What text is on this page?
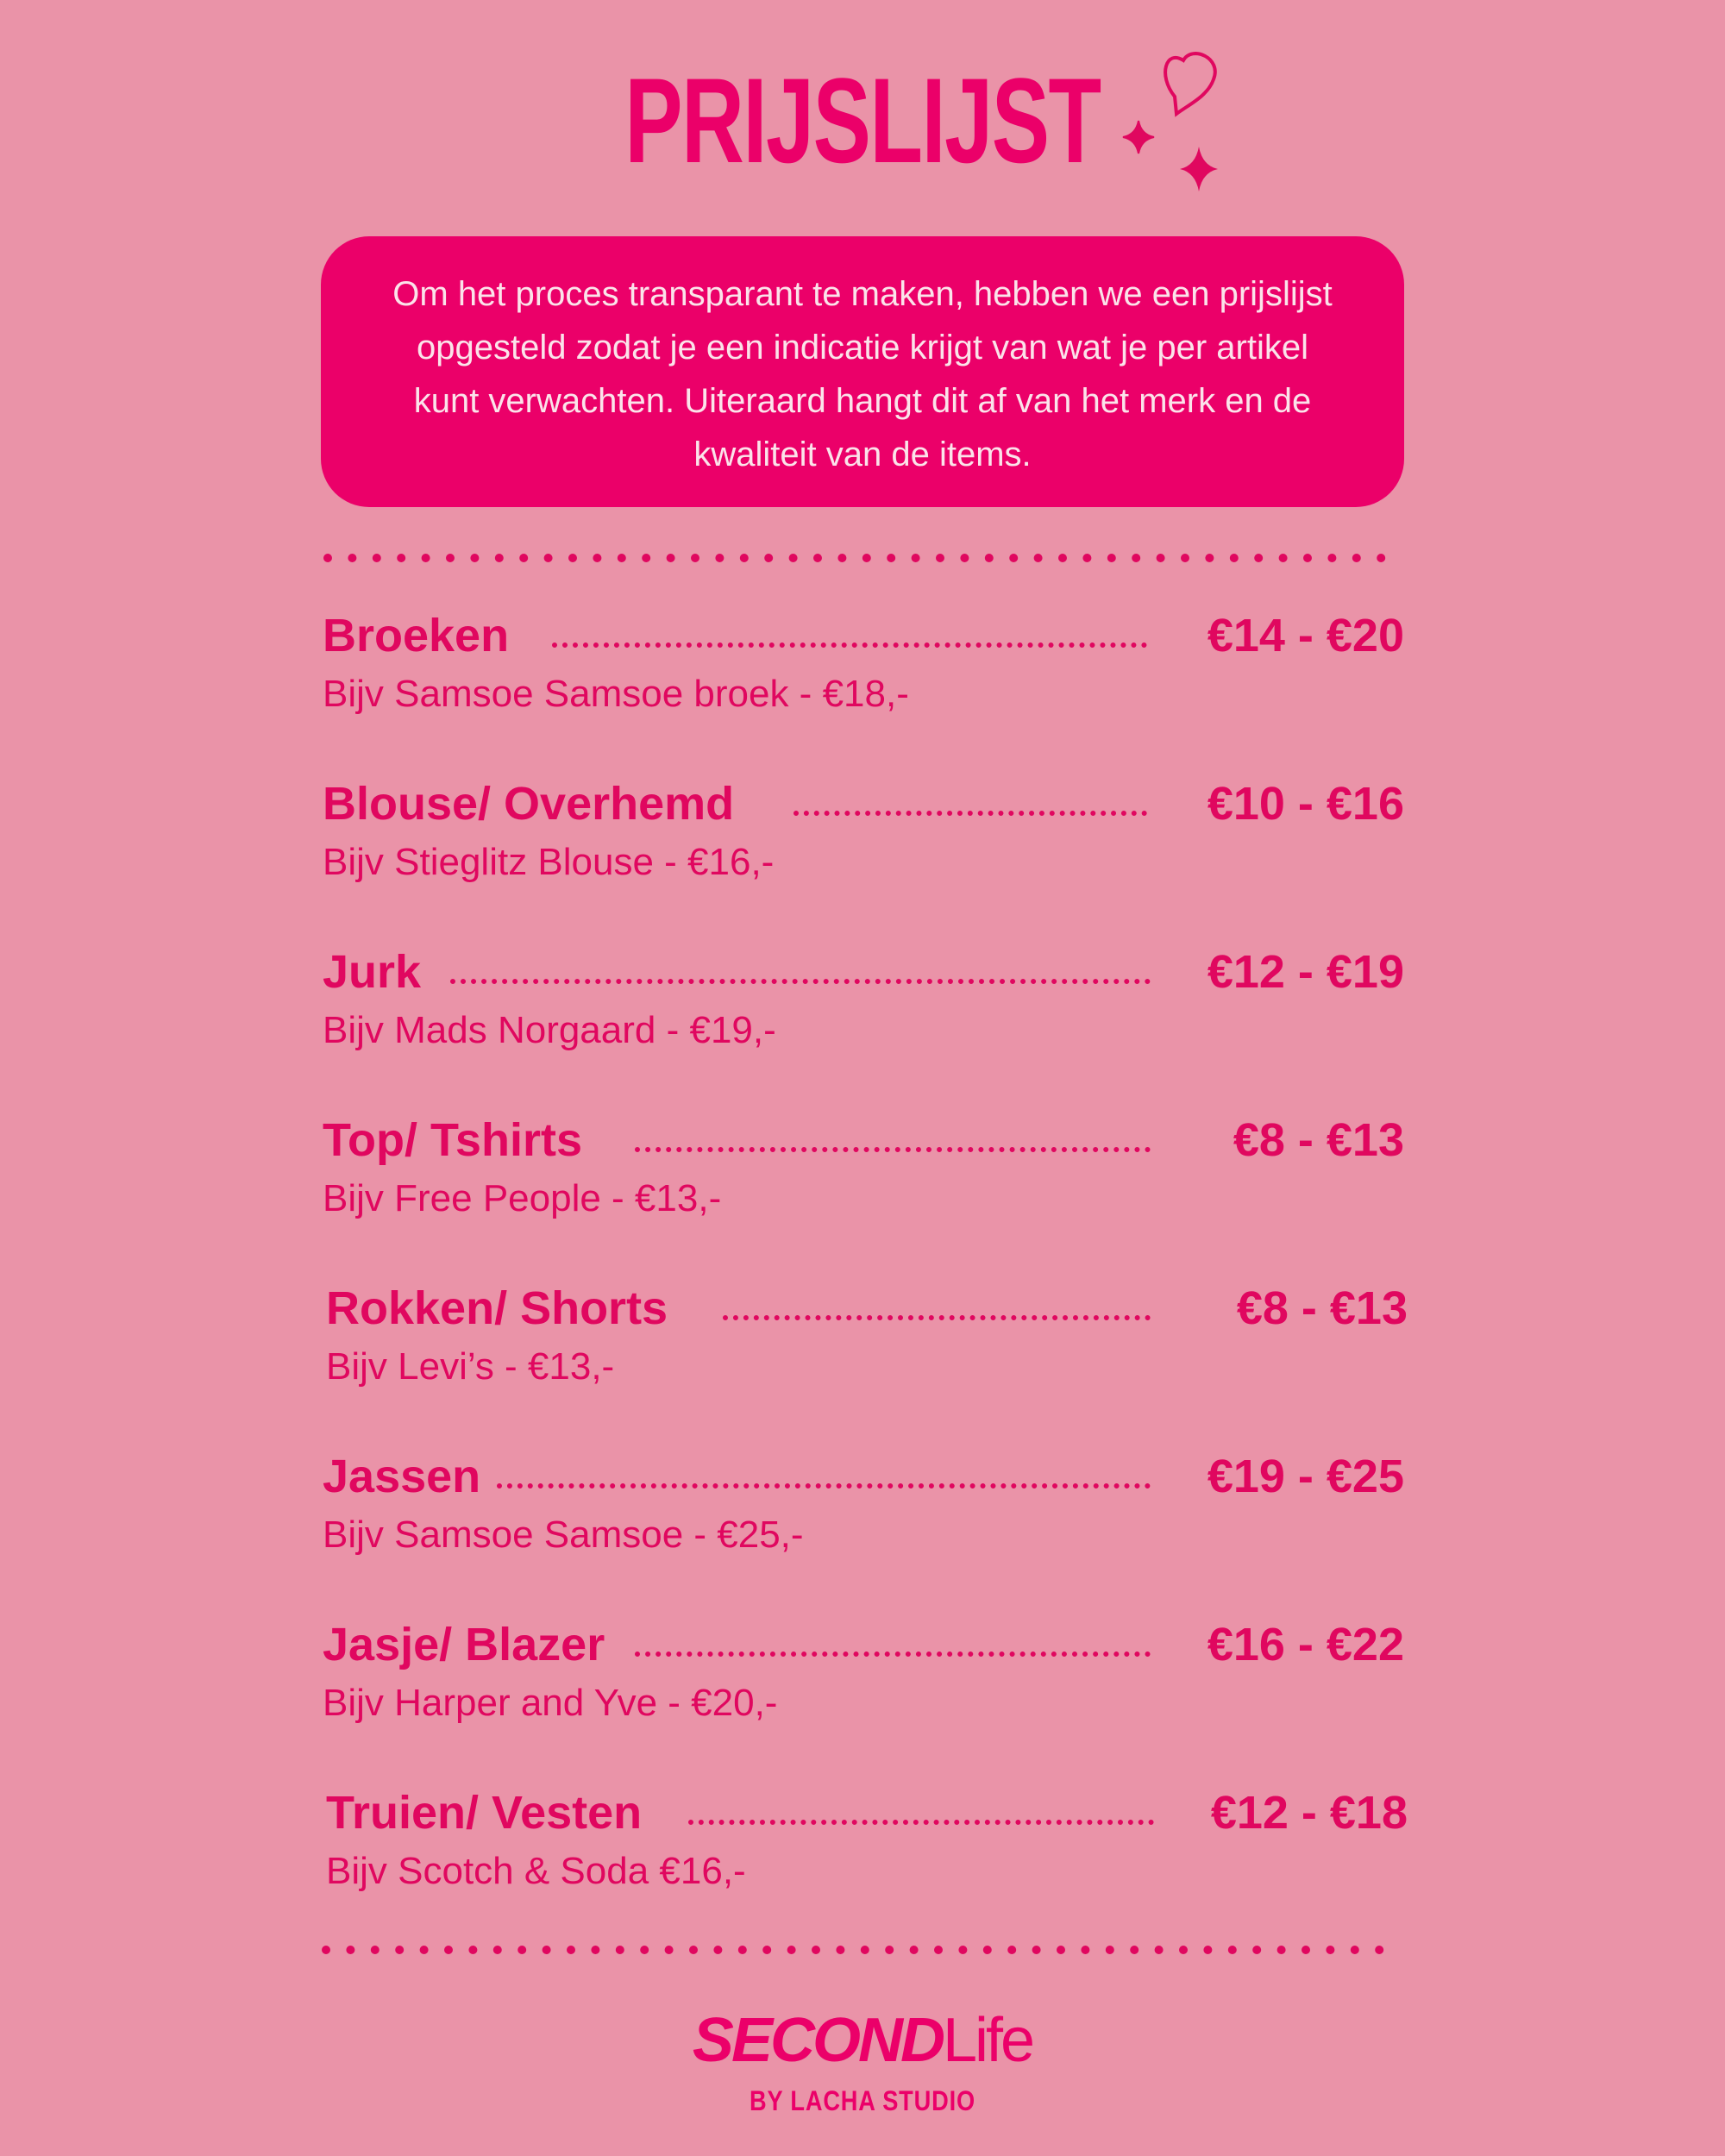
PRIJSLIJST
Om het proces transparant te maken, hebben we een prijslijst opgesteld zodat je een indicatie krijgt van wat je per artikel kunt verwachten. Uiteraard hangt dit af van het merk en de kwaliteit van de items.
Broeken	€14 - €20
Bijv Samsoe Samsoe broek - €18,-
Blouse/ Overhemd	€10 - €16
Bijv Stieglitz Blouse - €16,-
Jurk	€12 - €19
Bijv Mads Norgaard - €19,-
Top/ Tshirts	€8 - €13
Bijv Free People - €13,-
Rokken/ Shorts	€8 - €13
Bijv Levi’s - €13,-
Jassen	€19 - €25
Bijv Samsoe Samsoe - €25,-
Jasje/ Blazer	€16 - €22
Bijv Harper and Yve - €20,-
Truien/ Vesten	€12 - €18
Bijv Scotch & Soda €16,-
SECONDLife
BY LACHA STUDIO
